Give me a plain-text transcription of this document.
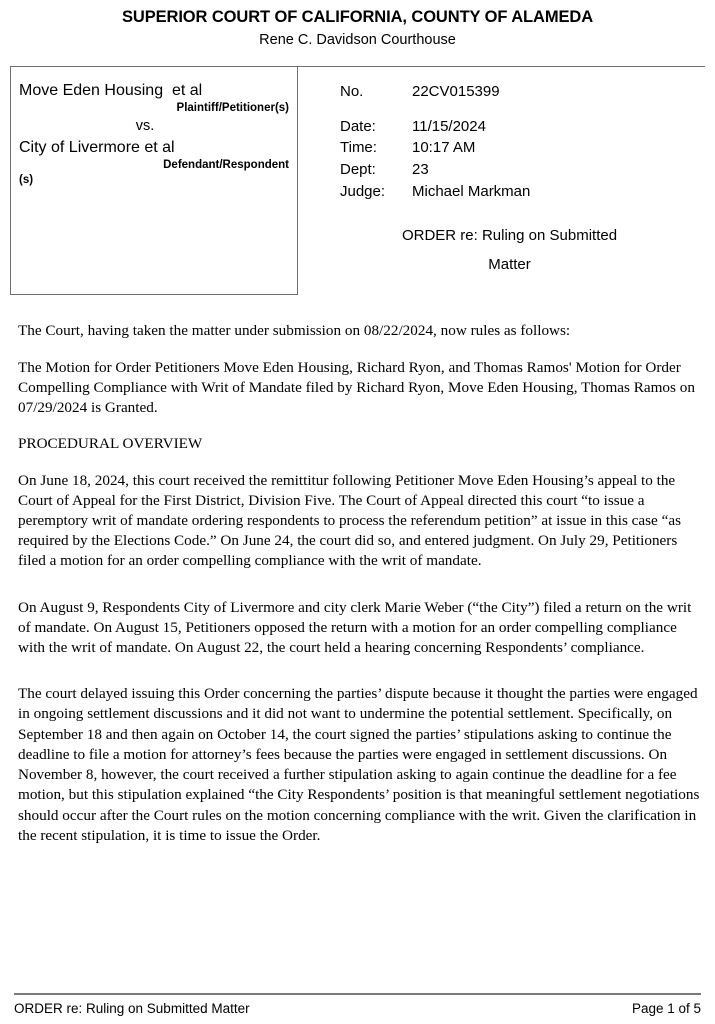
SUPERIOR COURT OF CALIFORNIA, COUNTY OF ALAMEDA
Rene C. Davidson Courthouse
Move Eden Housing  et al
Plaintiff/Petitioner(s)
vs.
City of Livermore et al
Defendant/Respondent
(s)

No.	22CV015399
Date:	11/15/2024
Time:	10:17 AM
Dept:	23
Judge:	Michael Markman
ORDER re: Ruling on Submitted
Matter

The Court, having taken the matter under submission on 08/22/2024, now rules as follows:

The Motion for Order Petitioners Move Eden Housing, Richard Ryon, and Thomas Ramos' Motion for Order Compelling Compliance with Writ of Mandate filed by Richard Ryon, Move Eden Housing, Thomas Ramos on 07/29/2024 is Granted.

PROCEDURAL OVERVIEW

On June 18, 2024, this court received the remittitur following Petitioner Move Eden Housing’s appeal to the Court of Appeal for the First District, Division Five. The Court of Appeal directed this court “to issue a peremptory writ of mandate ordering respondents to process the referendum petition” at issue in this case “as required by the Elections Code.” On June 24, the court did so, and entered judgment. On July 29, Petitioners filed a motion for an order compelling compliance with the writ of mandate.

On August 9, Respondents City of Livermore and city clerk Marie Weber (“the City”) filed a return on the writ of mandate. On August 15, Petitioners opposed the return with a motion for an order compelling compliance with the writ of mandate. On August 22, the court held a hearing concerning Respondents’ compliance.

The court delayed issuing this Order concerning the parties’ dispute because it thought the parties were engaged in ongoing settlement discussions and it did not want to undermine the potential settlement. Specifically, on September 18 and then again on October 14, the court signed the parties’ stipulations asking to continue the deadline to file a motion for attorney’s fees because the parties were engaged in settlement discussions. On November 8, however, the court received a further stipulation asking to again continue the deadline for a fee motion, but this stipulation explained “the City Respondents’ position is that meaningful settlement negotiations should occur after the Court rules on the motion concerning compliance with the writ. Given the clarification in the recent stipulation, it is time to issue the Order.

ORDER re: Ruling on Submitted Matter	Page 1 of 5
